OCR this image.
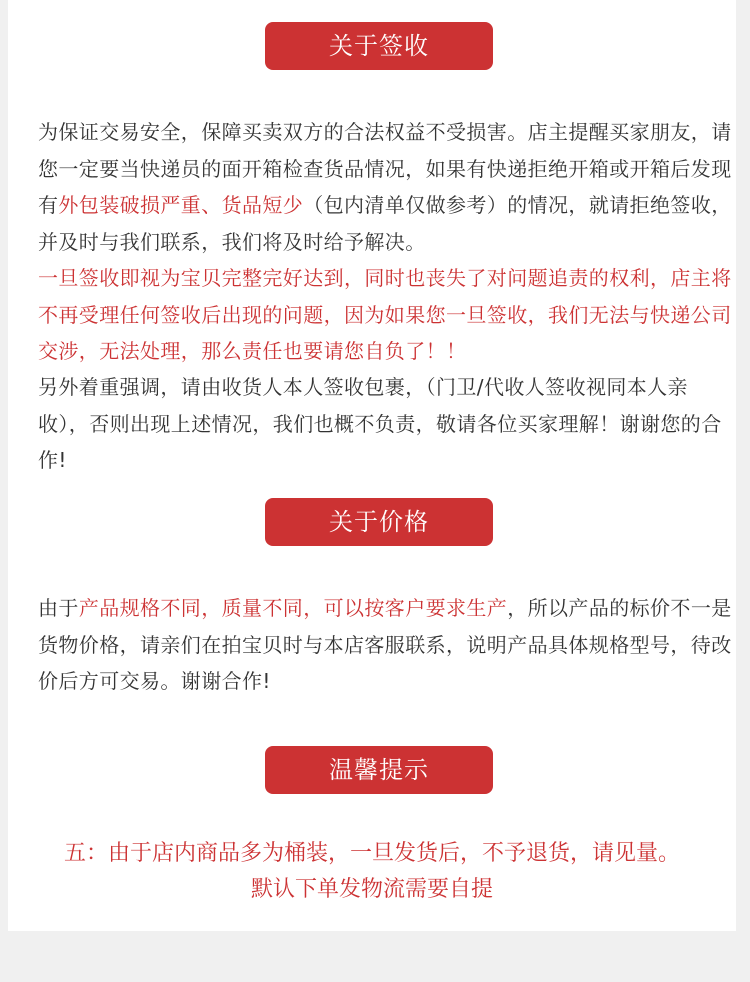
关于签收
为保证交易安全，保障买卖双方的合法权益不受损害。店主提醒买家朋友，请您一定要当快递员的面开箱检查货品情况，如果有快递拒绝开箱或开箱后发现有外包装破损严重、货品短少（包内清单仅做参考）的情况，就请拒绝签收，并及时与我们联系，我们将及时给予解决。
一旦签收即视为宝贝完整完好达到，同时也丧失了对问题追责的权利，店主将不再受理任何签收后出现的问题，因为如果您一旦签收，我们无法与快递公司交涉，无法处理，那么责任也要请您自负了！！
另外着重强调，请由收货人本人签收包裹，（门卫/代收人签收视同本人亲收），否则出现上述情况，我们也概不负责，敬请各位买家理解！谢谢您的合作!
关于价格
由于产品规格不同，质量不同，可以按客户要求生产，所以产品的标价不一是货物价格，请亲们在拍宝贝时与本店客服联系，说明产品具体规格型号，待改价后方可交易。谢谢合作!
温馨提示
五：由于店内商品多为桶装，一旦发货后，不予退货，请见量。
默认下单发物流需要自提
